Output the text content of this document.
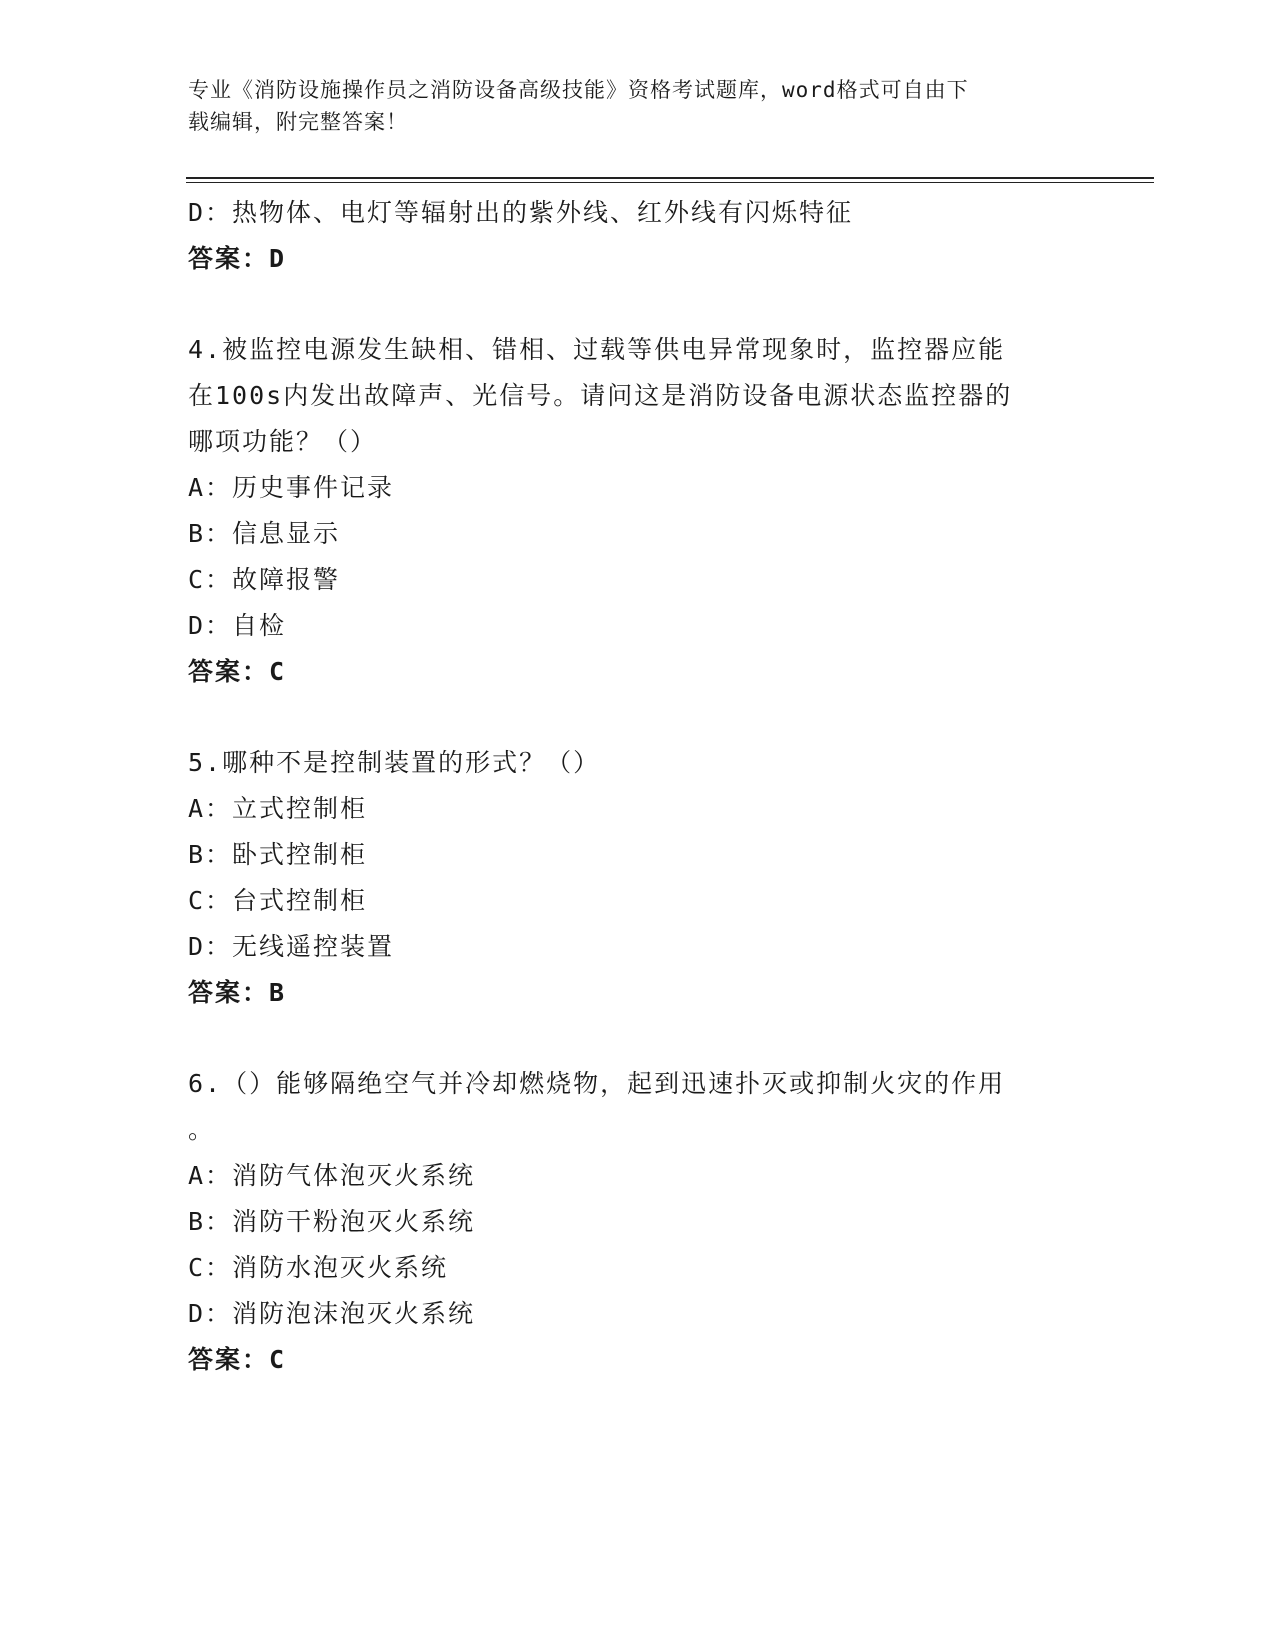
专业《消防设施操作员之消防设备高级技能》资格考试题库，word格式可自由下
载编辑，附完整答案！
D：热物体、电灯等辐射出的紫外线、红外线有闪烁特征
答案：D
4.被监控电源发生缺相、错相、过载等供电异常现象时，监控器应能
在100s内发出故障声、光信号。请问这是消防设备电源状态监控器的
哪项功能？（）
A：历史事件记录
B：信息显示
C：故障报警
D：自检
答案：C
5.哪种不是控制装置的形式？（）
A：立式控制柜
B：卧式控制柜
C：台式控制柜
D：无线遥控装置
答案：B
6.（）能够隔绝空气并冷却燃烧物，起到迅速扑灭或抑制火灾的作用
。
A：消防气体泡灭火系统
B：消防干粉泡灭火系统
C：消防水泡灭火系统
D：消防泡沫泡灭火系统
答案：C
